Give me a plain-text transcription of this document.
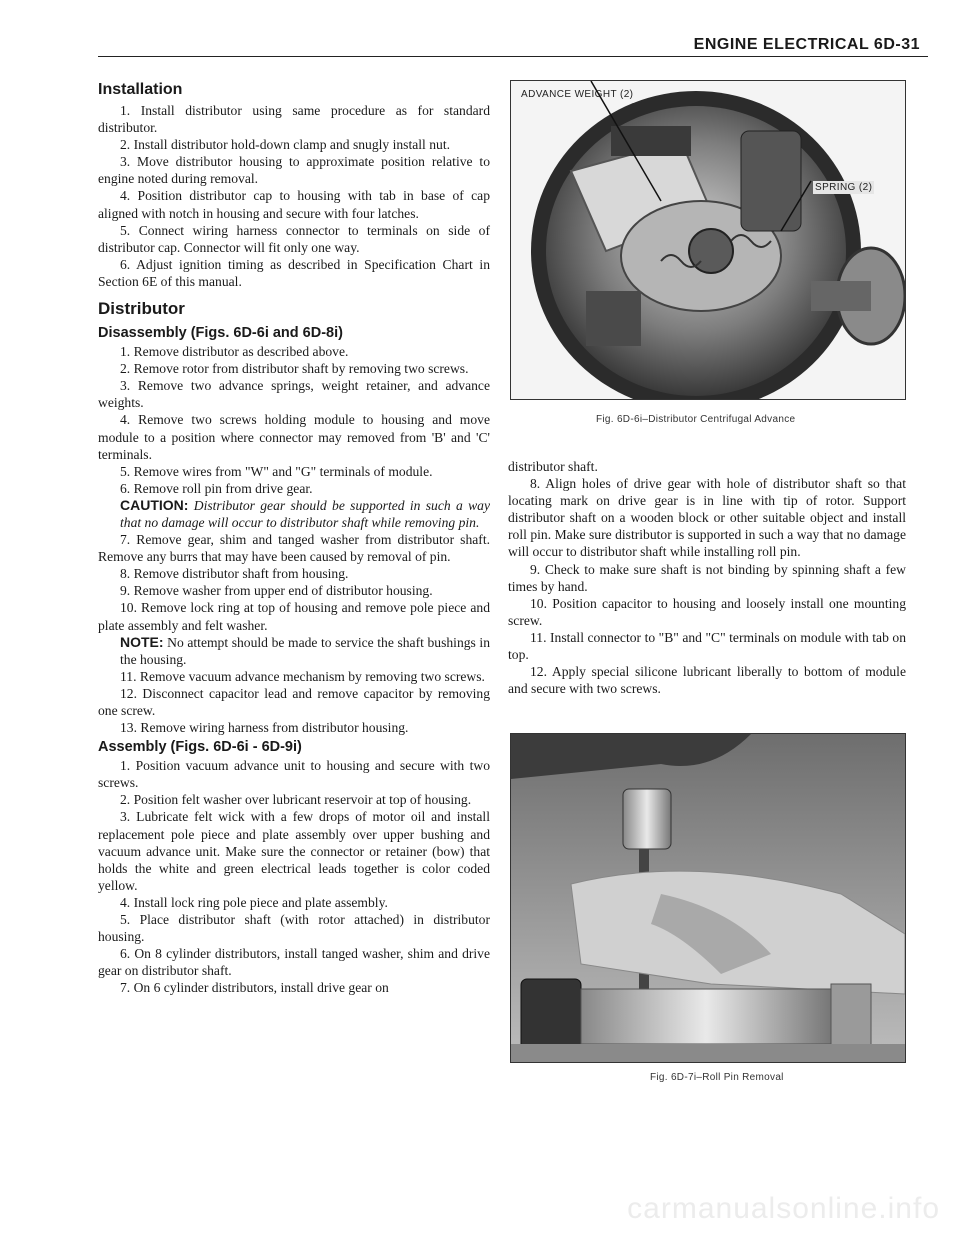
ENGINE ELECTRICAL 6D-31
Installation

1. Install distributor using same procedure as for standard distributor.

2. Install distributor hold-down clamp and snugly install nut.

3. Move distributor housing to approximate position relative to engine noted during removal.

4. Position distributor cap to housing with tab in base of cap aligned with notch in housing and secure with four latches.

5. Connect wiring harness connector to terminals on side of distributor cap. Connector will fit only one way.

6. Adjust ignition timing as described in Specification Chart in Section 6E of this manual.

Distributor
Disassembly (Figs. 6D-6i and 6D-8i)

1. Remove distributor as described above.

2. Remove rotor from distributor shaft by removing two screws.

3. Remove two advance springs, weight retainer, and advance weights.

4. Remove two screws holding module to housing and move module to a position where connector may removed from 'B' and 'C' terminals.

5. Remove wires from "W" and "G" terminals of module.

6. Remove roll pin from drive gear.

CAUTION: Distributor gear should be supported in such a way that no damage will occur to distributor shaft while removing pin.

7. Remove gear, shim and tanged washer from distributor shaft. Remove any burrs that may have been caused by removal of pin.

8. Remove distributor shaft from housing.

9. Remove washer from upper end of distributor housing.

10. Remove lock ring at top of housing and remove pole piece and plate assembly and felt washer.

NOTE: No attempt should be made to service the shaft bushings in the housing.

11. Remove vacuum advance mechanism by removing two screws.

12. Disconnect capacitor lead and remove capacitor by removing one screw.

13. Remove wiring harness from distributor housing.

Assembly (Figs. 6D-6i - 6D-9i)

1. Position vacuum advance unit to housing and secure with two screws.

2. Position felt washer over lubricant reservoir at top of housing.

3. Lubricate felt wick with a few drops of motor oil and install replacement pole piece and plate assembly over upper bushing and vacuum advance unit. Make sure the connector or retainer (bow) that holds the white and green electrical leads together is color coded yellow.

4. Install lock ring pole piece and plate assembly.

5. Place distributor shaft (with rotor attached) in distributor housing.

6. On 8 cylinder distributors, install tanged washer, shim and drive gear on distributor shaft.

7. On 6 cylinder distributors, install drive gear on

ADVANCE WEIGHT (2)
SPRING (2)
Fig. 6D-6i–Distributor Centrifugal Advance

distributor shaft.

8. Align holes of drive gear with hole of distributor shaft so that locating mark on drive gear is in line with tip of rotor. Support distributor shaft on a wooden block or other suitable object and install roll pin. Make sure distributor is supported in such a way that no damage will occur to distributor shaft while installing roll pin.

9. Check to make sure shaft is not binding by spinning shaft a few times by hand.

10. Position capacitor to housing and loosely install one mounting screw.

11. Install connector to "B" and "C" terminals on module with tab on top.

12. Apply special silicone lubricant liberally to bottom of module and secure with two screws.

Fig. 6D-7i–Roll Pin Removal
carmanualsonline.info
